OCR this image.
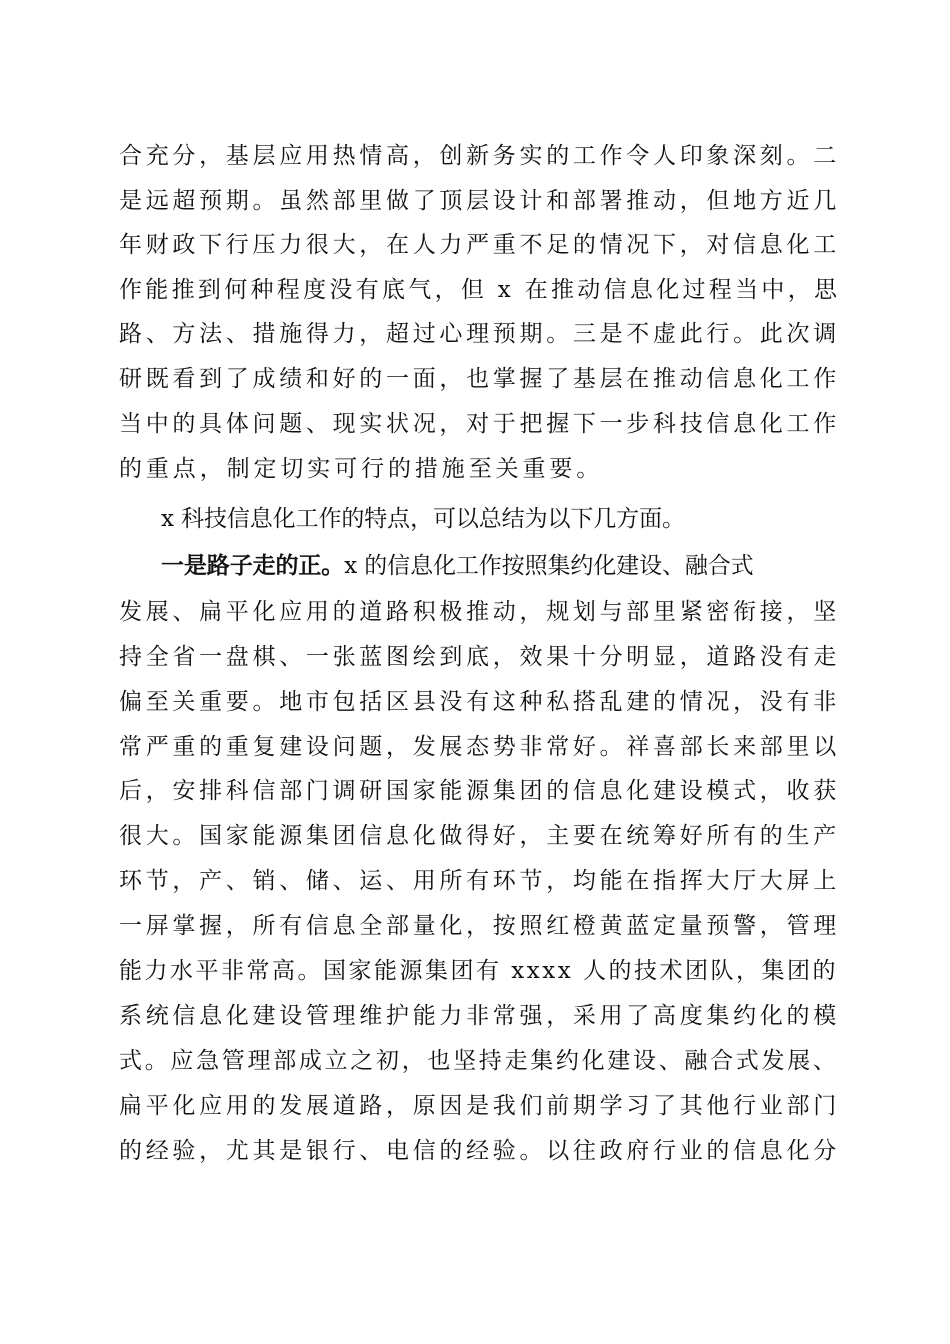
合充分，基层应用热情高，创新务实的工作令人印象深刻。二
是远超预期。虽然部里做了顶层设计和部署推动，但地方近几
年财政下行压力很大，在人力严重不足的情况下，对信息化工
作能推到何种程度没有底气，但 x 在推动信息化过程当中，思
路、方法、措施得力，超过心理预期。三是不虚此行。此次调
研既看到了成绩和好的一面，也掌握了基层在推动信息化工作
当中的具体问题、现实状况，对于把握下一步科技信息化工作
的重点，制定切实可行的措施至关重要。
x 科技信息化工作的特点，可以总结为以下几方面。
一是路子走的正。x 的信息化工作按照集约化建设、融合式
发展、扁平化应用的道路积极推动，规划与部里紧密衔接，坚
持全省一盘棋、一张蓝图绘到底，效果十分明显，道路没有走
偏至关重要。地市包括区县没有这种私搭乱建的情况，没有非
常严重的重复建设问题，发展态势非常好。祥喜部长来部里以
后，安排科信部门调研国家能源集团的信息化建设模式，收获
很大。国家能源集团信息化做得好，主要在统筹好所有的生产
环节，产、销、储、运、用所有环节，均能在指挥大厅大屏上
一屏掌握，所有信息全部量化，按照红橙黄蓝定量预警，管理
能力水平非常高。国家能源集团有 xxxx 人的技术团队，集团的
系统信息化建设管理维护能力非常强，采用了高度集约化的模
式。应急管理部成立之初，也坚持走集约化建设、融合式发展、
扁平化应用的发展道路，原因是我们前期学习了其他行业部门
的经验，尤其是银行、电信的经验。以往政府行业的信息化分
